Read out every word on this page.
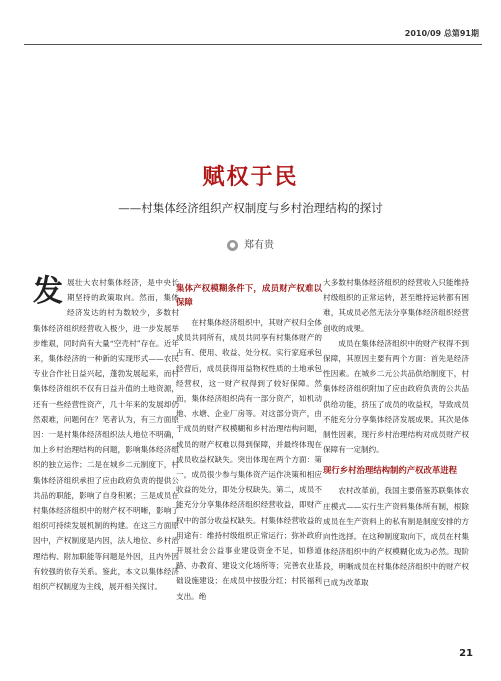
2010/09 总第91期
赋权于民
——村集体经济组织产权制度与乡村治理结构的探讨
● 郑有贵
发 展壮大农村集体经济，是中央长期坚持的政策取向。然而，集体经济发达的村为数较少，多数村集体经济组织经营收入极少，进一步发展举步维艰，同时尚有大量“空壳村”存在。近年来，集体经济的一种新的实现形式——农民专业合作社日益兴起，蓬勃发展起来，而村集体经济组织不仅有日益升值的土地资源，还有一些经营性资产，几十年来的发展却仍然艰难，问题何在？笔者认为，有三方面原因：一是村集体经济组织法人地位不明确，加上乡村治理结构的问题，影响集体经济组织的独立运作；二是在城乡二元制度下，村集体经济组织承担了应由政府负责的提供公共品的职能，影响了自身积累；三是成员在村集体经济组织中的财产权不明晰，影响了组织可持续发展机制的构建。在这三方面原因中，产权制度是内因，法人地位、乡村治理结构、附加职能等问题是外因，且内外因有较强的依存关系。鉴此，本文以集体经济组织产权制度为主线，展开相关探讨。

集体产权模糊条件下，成员财产权难以保障

在村集体经济组织中，其财产权归全体成员共同所有，成员共同享有村集体财产的占有、使用、收益、处分权。实行家庭承包经营后，成员获得用益物权性质的土地承包经营权，这一财产权得到了较好保障。然而，集体经济组织尚有一部分资产，如机动地、水塘、企业厂房等。对这部分资产，由于成员的财产权模糊和乡村治理结构问题，成员的财产权难以得到保障，并最终体现在成员收益权缺失。突出体现在两个方面：第一，成员很少参与集体资产运作决策和相应收益的处分，即处分权缺失。第二，成员不能充分分享集体经济组织经营收益，即财产权中的部分收益权缺失。村集体经营收益的用途有：维持村级组织正常运行；弥补政府开展社会公益事业建设资金不足，如修道路、办教育、建设文化场所等；完善农业基础设施建设；在成员中按股分红；村民福利支出。绝

大多数村集体经济组织的经营收入只能维持村级组织的正常运转，甚至维持运转都有困难，其成员必然无法分享集体经济组织经营创收的成果。

成员在集体经济组织中的财产权得不到保障，其原因主要有两个方面：首先是经济性因素。在城乡二元公共品供给制度下，村集体经济组织附加了应由政府负责的公共品供给功能，挤压了成员的收益权，导致成员不能充分分享集体经济发展成果。其次是体制性因素，现行乡村治理结构对成员财产权保障有一定制约。

现行乡村治理结构制约产权改革进程

农村改革前，我国主要借鉴苏联集体农庄模式——实行生产资料集体所有制，根除成员在生产资料上的私有制是制度安排的方向性选择。在这种制度取向下，成员在村集体经济组织中的产权模糊化成为必然。现阶段，明晰成员在村集体经济组织中的财产权已成为改革取

21
